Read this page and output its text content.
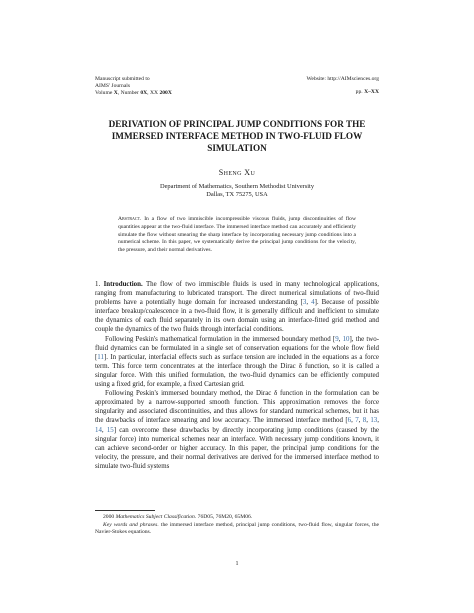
Manuscript submitted to
AIMS' Journals
Volume X, Number 0X, XX 200X
Website: http://AIMsciences.org
pp. X–XX
DERIVATION OF PRINCIPAL JUMP CONDITIONS FOR THE IMMERSED INTERFACE METHOD IN TWO-FLUID FLOW SIMULATION
Sheng Xu
Department of Mathematics, Southern Methodist University
Dallas, TX 75275, USA
Abstract. In a flow of two immiscible incompressible viscous fluids, jump discontinuities of flow quantities appear at the two-fluid interface. The immersed interface method can accurately and efficiently simulate the flow without smearing the sharp interface by incorporating necessary jump conditions into a numerical scheme. In this paper, we systematically derive the principal jump conditions for the velocity, the pressure, and their normal derivatives.

1. Introduction. The flow of two immiscible fluids is used in many technological applications, ranging from manufacturing to lubricated transport. The direct numerical simulations of two-fluid problems have a potentially huge domain for increased understanding [3, 4]. Because of possible interface breakup/coalescence in a two-fluid flow, it is generally difficult and inefficient to simulate the dynamics of each fluid separately in its own domain using an interface-fitted grid method and couple the dynamics of the two fluids through interfacial conditions.

Following Peskin's mathematical formulation in the immersed boundary method [9, 10], the two-fluid dynamics can be formulated in a single set of conservation equations for the whole flow field [11]. In particular, interfacial effects such as surface tension are included in the equations as a force term. This force term concentrates at the interface through the Dirac δ function, so it is called a singular force. With this unified formulation, the two-fluid dynamics can be efficiently computed using a fixed grid, for example, a fixed Cartesian grid.

Following Peskin's immersed boundary method, the Dirac δ function in the formulation can be approximated by a narrow-supported smooth function. This approximation removes the force singularity and associated discontinuities, and thus allows for standard numerical schemes, but it has the drawbacks of interface smearing and low accuracy. The immersed interface method [6, 7, 8, 13, 14, 15] can overcome these drawbacks by directly incorporating jump conditions (caused by the singular force) into numerical schemes near an interface. With necessary jump conditions known, it can achieve second-order or higher accuracy. In this paper, the principal jump conditions for the velocity, the pressure, and their normal derivatives are derived for the immersed interface method to simulate two-fluid systems

2000 Mathematics Subject Classification. 76D05, 76M20, 65M06.

Key words and phrases. the immersed interface method, principal jump conditions, two-fluid flow, singular forces, the Navier-Stokes equations.

1
